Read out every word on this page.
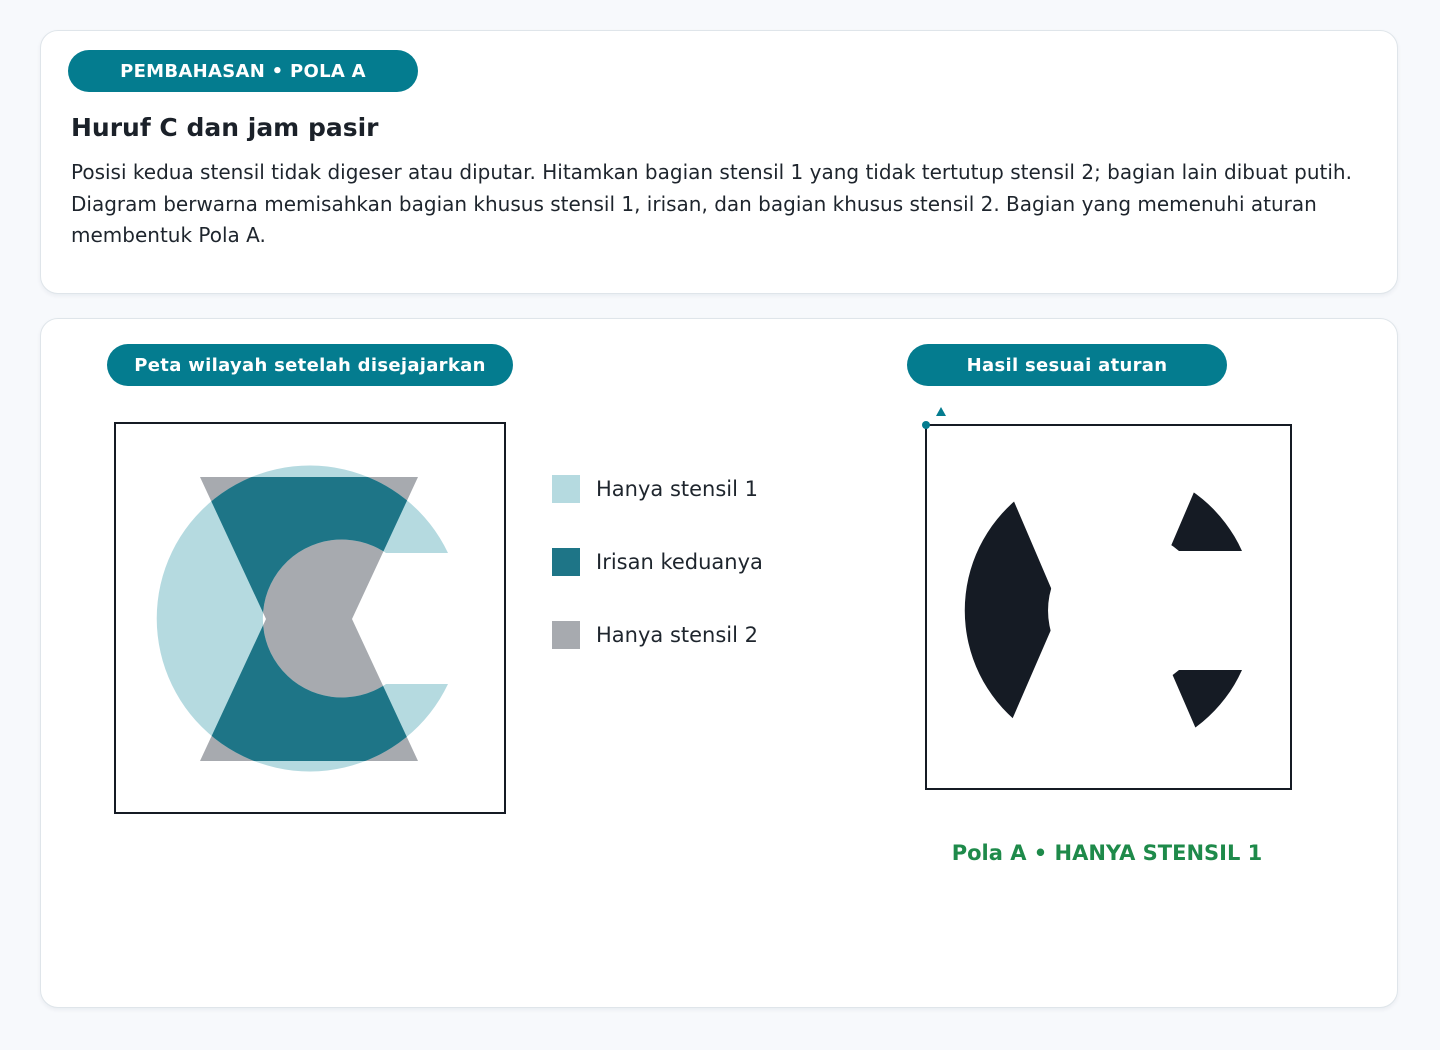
PEMBAHASAN • POLA A
Huruf C dan jam pasir

Posisi kedua stensil tidak digeser atau diputar. Hitamkan bagian stensil 1 yang tidak tertutup stensil 2; bagian lain dibuat putih. Diagram berwarna memisahkan bagian khusus stensil 1, irisan, dan bagian khusus stensil 2. Bagian yang memenuhi aturan membentuk Pola A.

Peta wilayah setelah disejajarkan	Hasil sesuai aturan
Hanya stensil 1
Irisan keduanya
Hanya stensil 2
Pola A • HANYA STENSIL 1
